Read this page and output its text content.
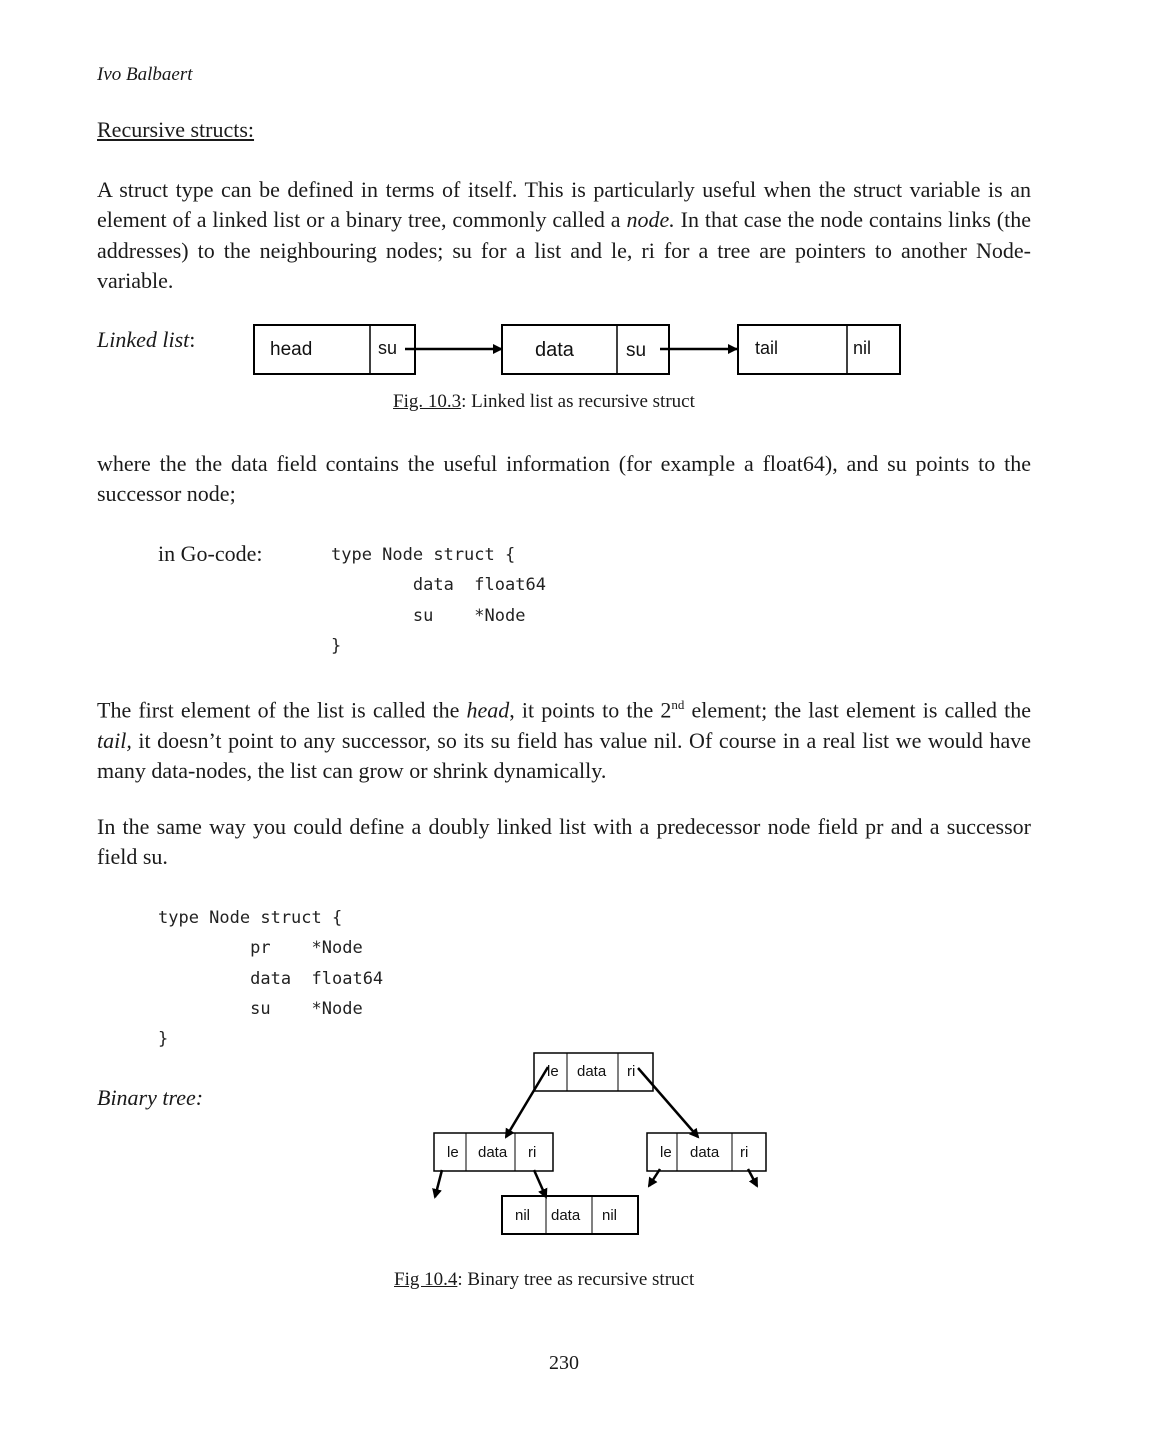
Ivo Balbaert
Recursive structs:
A struct type can be defined in terms of itself. This is particularly useful when the struct variable is an element of a linked list or a binary tree, commonly called a node. In that case the node contains links (the addresses) to the neighbouring nodes; su for a list and le, ri for a tree are pointers to another Node-variable.
Linked list:	head	su	data	su	tail	nil
Fig. 10.3: Linked list as recursive struct
where the the data field contains the useful information (for example a float64), and su points to the successor node;
in Go-code:	type Node struct {
data  float64
su    *Node
}
The first element of the list is called the head, it points to the 2nd element; the last element is called the tail, it doesn’t point to any successor, so its su field has value nil. Of course in a real list we would have many data-nodes, the list can grow or shrink dynamically.
In the same way you could define a doubly linked list with a predecessor node field pr and a successor field su.
type Node struct {
pr    *Node
data  float64
su    *Node
}
Binary tree:
le data ri
le data ri	le data ri
nil data nil
Fig 10.4: Binary tree as recursive struct
230
